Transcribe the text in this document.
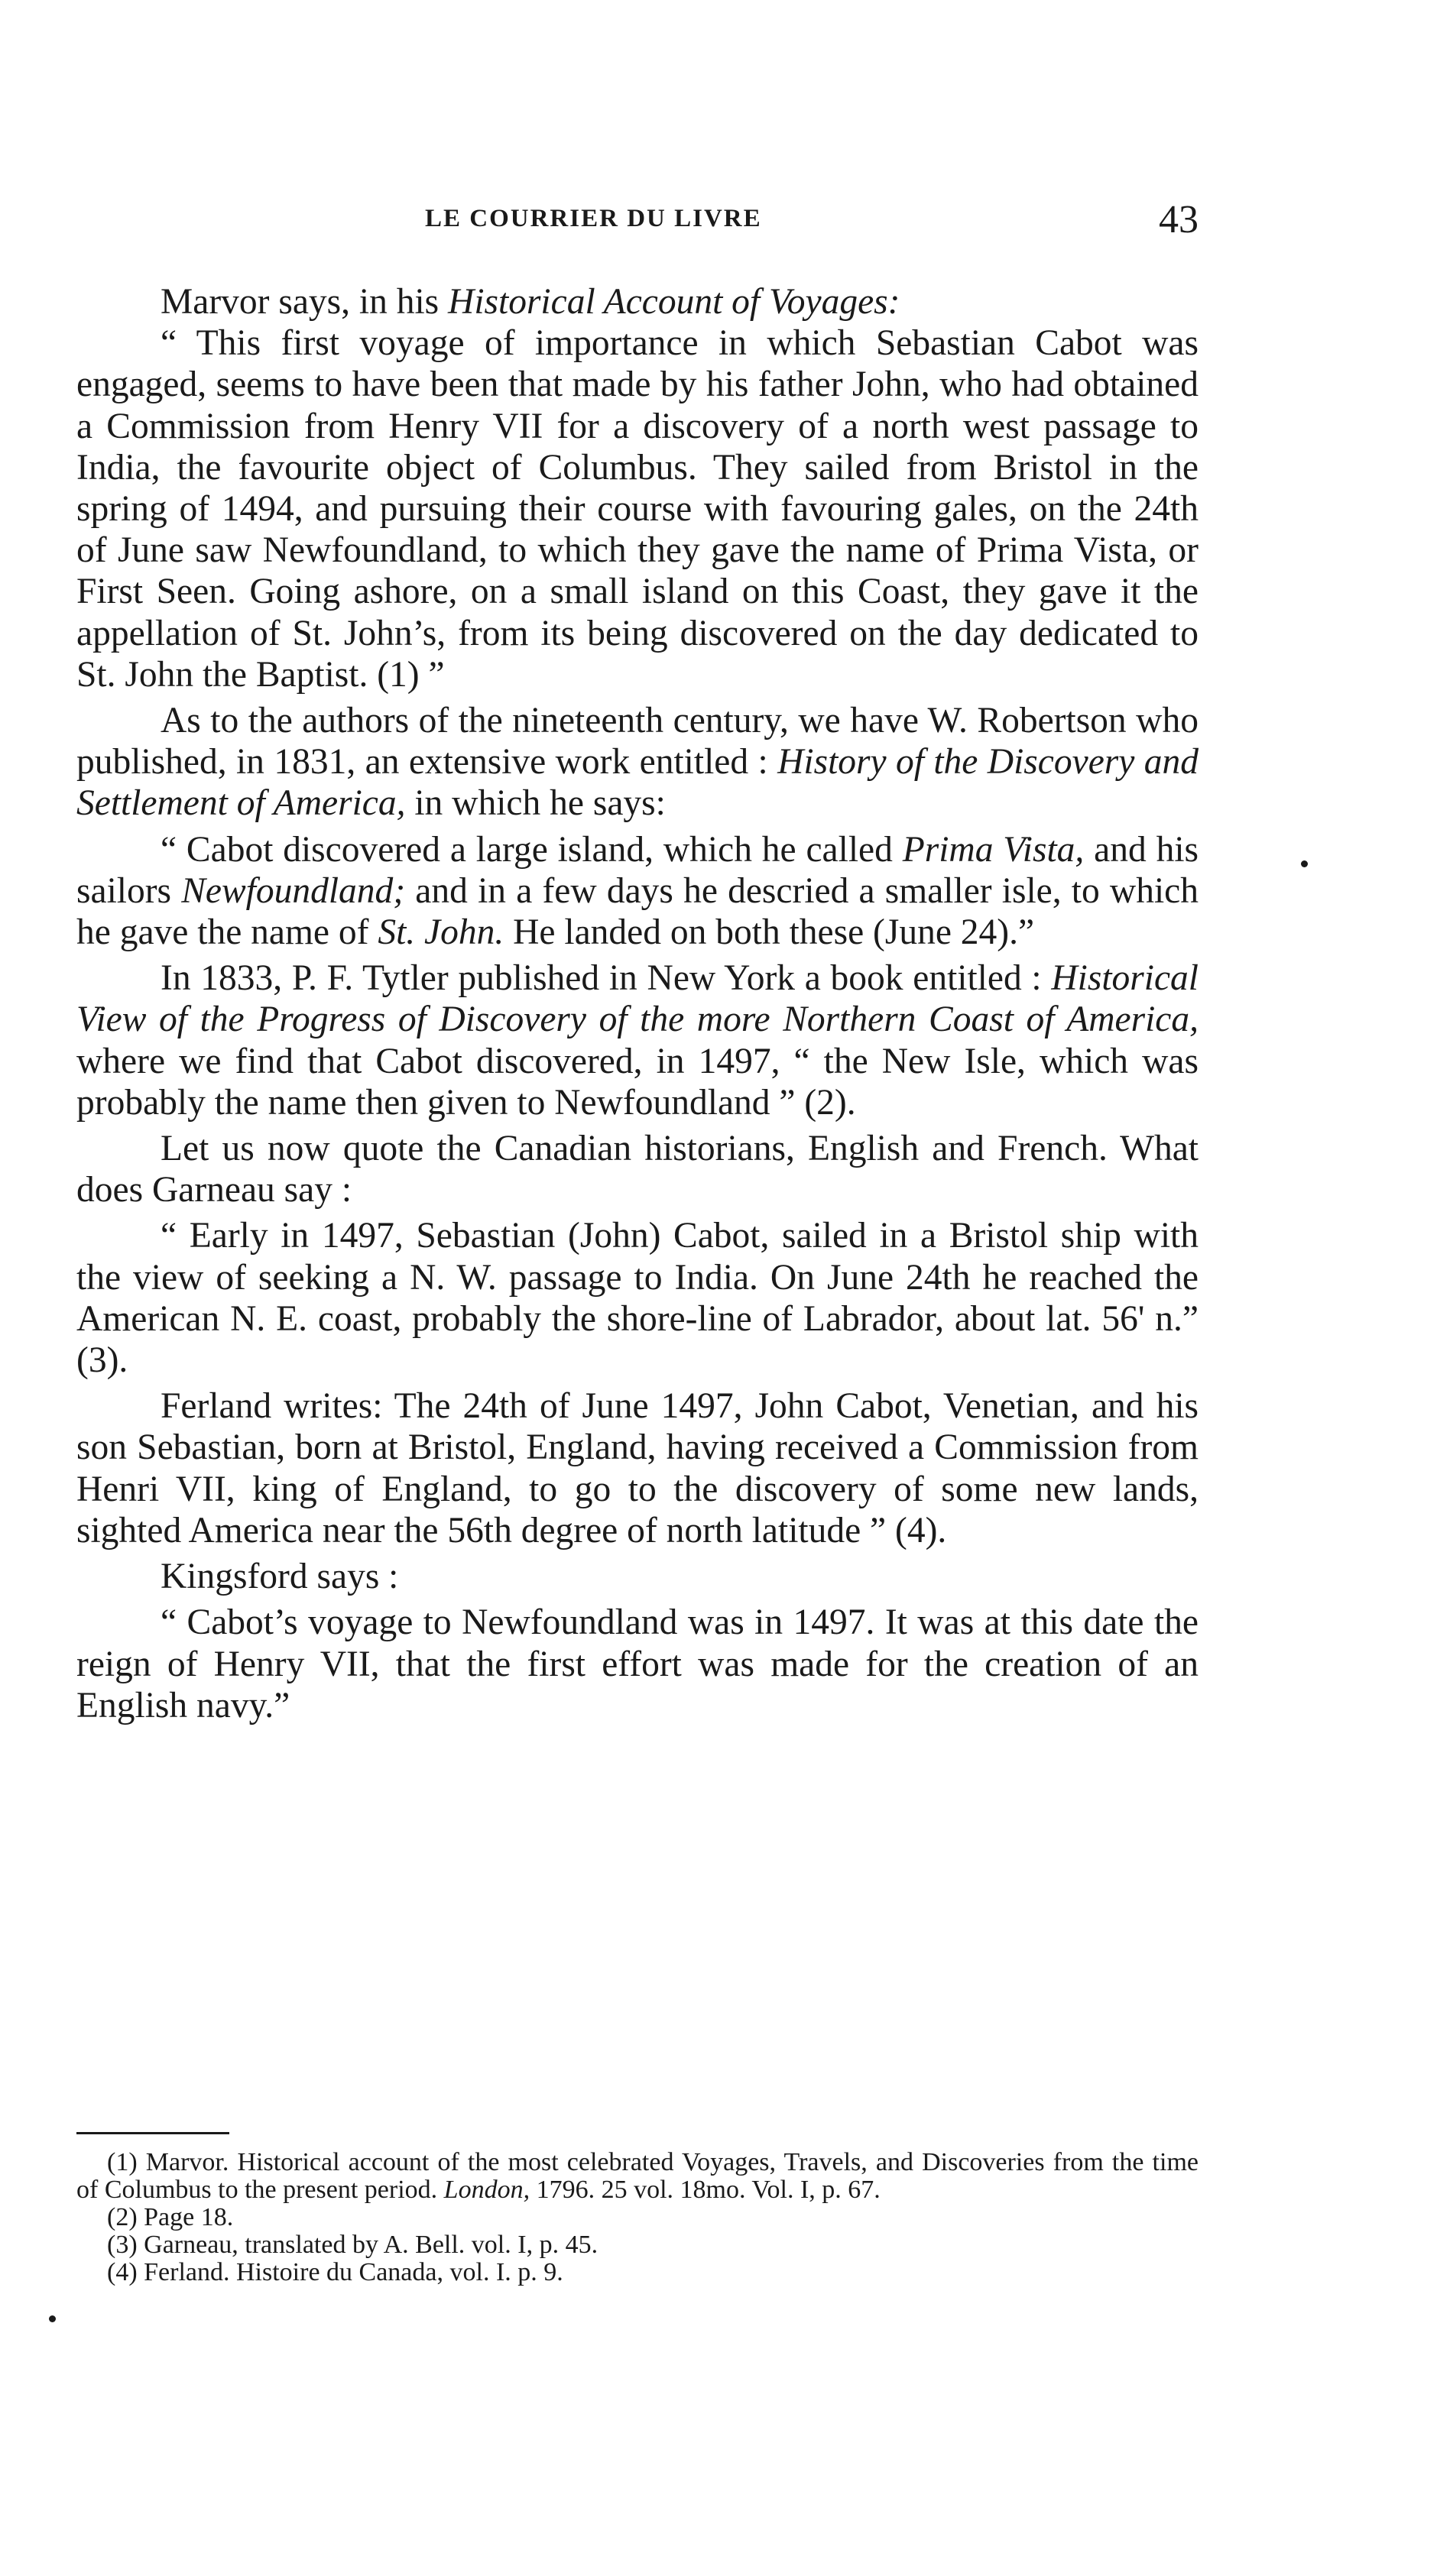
LE COURRIER DU LIVRE	43

Marvor says, in his Historical Account of Voyages:

“ This first voyage of importance in which Sebastian Cabot was engaged, seems to have been that made by his father John, who had obtained a Commission from Henry VII for a discovery of a north west passage to India, the favourite object of Columbus. They sailed from Bristol in the spring of 1494, and pursuing their course with favouring gales, on the 24th of June saw Newfoundland, to which they gave the name of Prima Vista, or First Seen. Going ashore, on a small island on this Coast, they gave it the appellation of St. John’s, from its being discovered on the day dedicated to St. John the Baptist. (1) ”

As to the authors of the nineteenth century, we have W. Robertson who published, in 1831, an extensive work entitled : History of the Discovery and Settlement of America, in which he says:

“ Cabot discovered a large island, which he called Prima Vista, and his sailors Newfoundland; and in a few days he descried a smaller isle, to which he gave the name of St. John. He landed on both these (June 24).”

In 1833, P. F. Tytler published in New York a book entitled : Historical View of the Progress of Discovery of the more Northern Coast of America, where we find that Cabot discovered, in 1497, “ the New Isle, which was probably the name then given to Newfoundland ” (2).

Let us now quote the Canadian historians, English and French. What does Garneau say :

“ Early in 1497, Sebastian (John) Cabot, sailed in a Bristol ship with the view of seeking a N. W. passage to India. On June 24th he reached the American N. E. coast, probably the shore-line of Labrador, about lat. 56' n.” (3).

Ferland writes: The 24th of June 1497, John Cabot, Venetian, and his son Sebastian, born at Bristol, England, having received a Commission from Henri VII, king of England, to go to the discovery of some new lands, sighted America near the 56th degree of north latitude ” (4).

Kingsford says :

“ Cabot’s voyage to Newfoundland was in 1497. It was at this date the reign of Henry VII, that the first effort was made for the creation of an English navy.”

(1) Marvor. Historical account of the most celebrated Voyages, Travels, and Discoveries from the time of Columbus to the present period. London, 1796. 25 vol. 18mo. Vol. I, p. 67.

(2) Page 18.

(3) Garneau, translated by A. Bell. vol. I, p. 45.

(4) Ferland. Histoire du Canada, vol. I. p. 9.
